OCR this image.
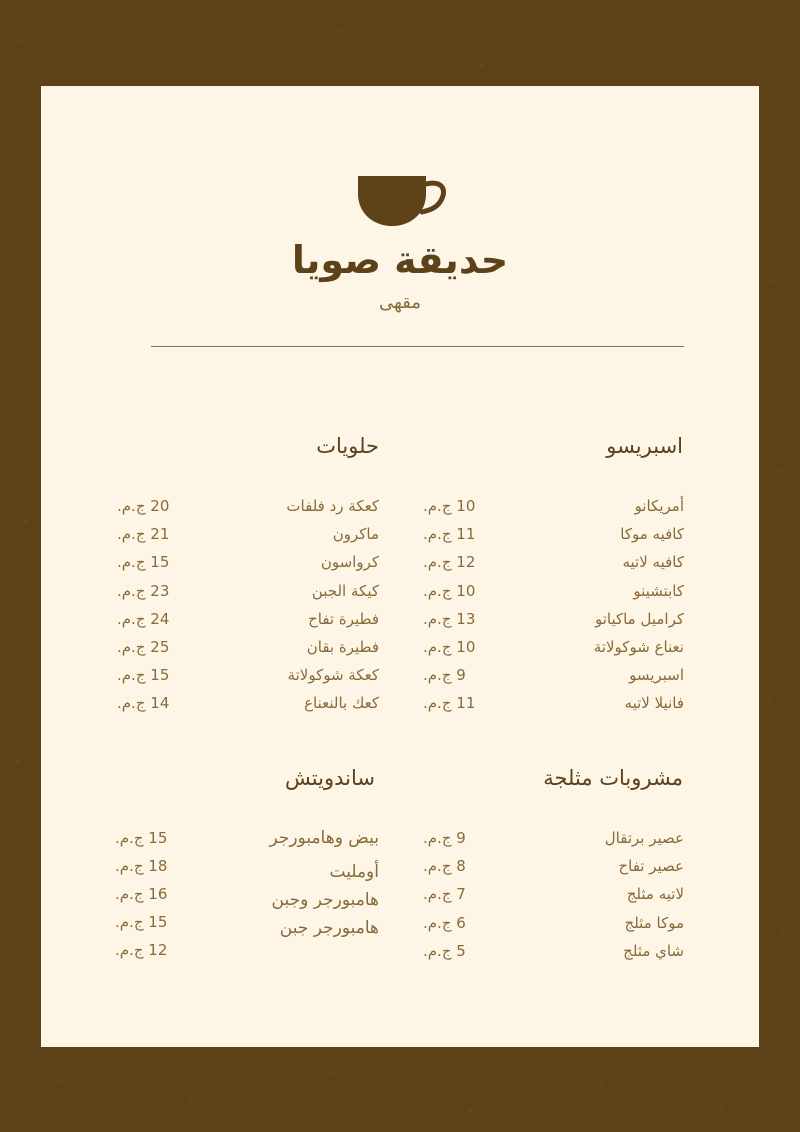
حديقة صويا
مقهى
اسبريسو
أمريكانو
10 ج.م.
كافيه موكا
11 ج.م.
كافيه لاتيه
12 ج.م.
كابتشينو
10 ج.م.
كراميل ماكياتو
13 ج.م.
نعناع شوكولاتة
10 ج.م.
اسبريسو
9 ج.م.
فانيلا لاتيه
11 ج.م.
حلويات
كعكة رد فلفات
20 ج.م.
ماكرون
21 ج.م.
كرواسون
15 ج.م.
كيكة الجبن
23 ج.م.
فطيرة تفاح
24 ج.م.
فطيرة بقان
25 ج.م.
كعكة شوكولاتة
15 ج.م.
كعك بالنعناع
14 ج.م.
مشروبات مثلجة
عصير برتقال
9 ج.م.
عصير تفاح
8 ج.م.
لاتيه مثلج
7 ج.م.
موكا مثلج
6 ج.م.
شاي مثلج
5 ج.م.
ساندويتش
بيض وهامبورجر
15 ج.م.
أومليت
18 ج.م.
هامبورجر وجبن
16 ج.م.
هامبورجر جبن
15 ج.م.
12 ج.م.
